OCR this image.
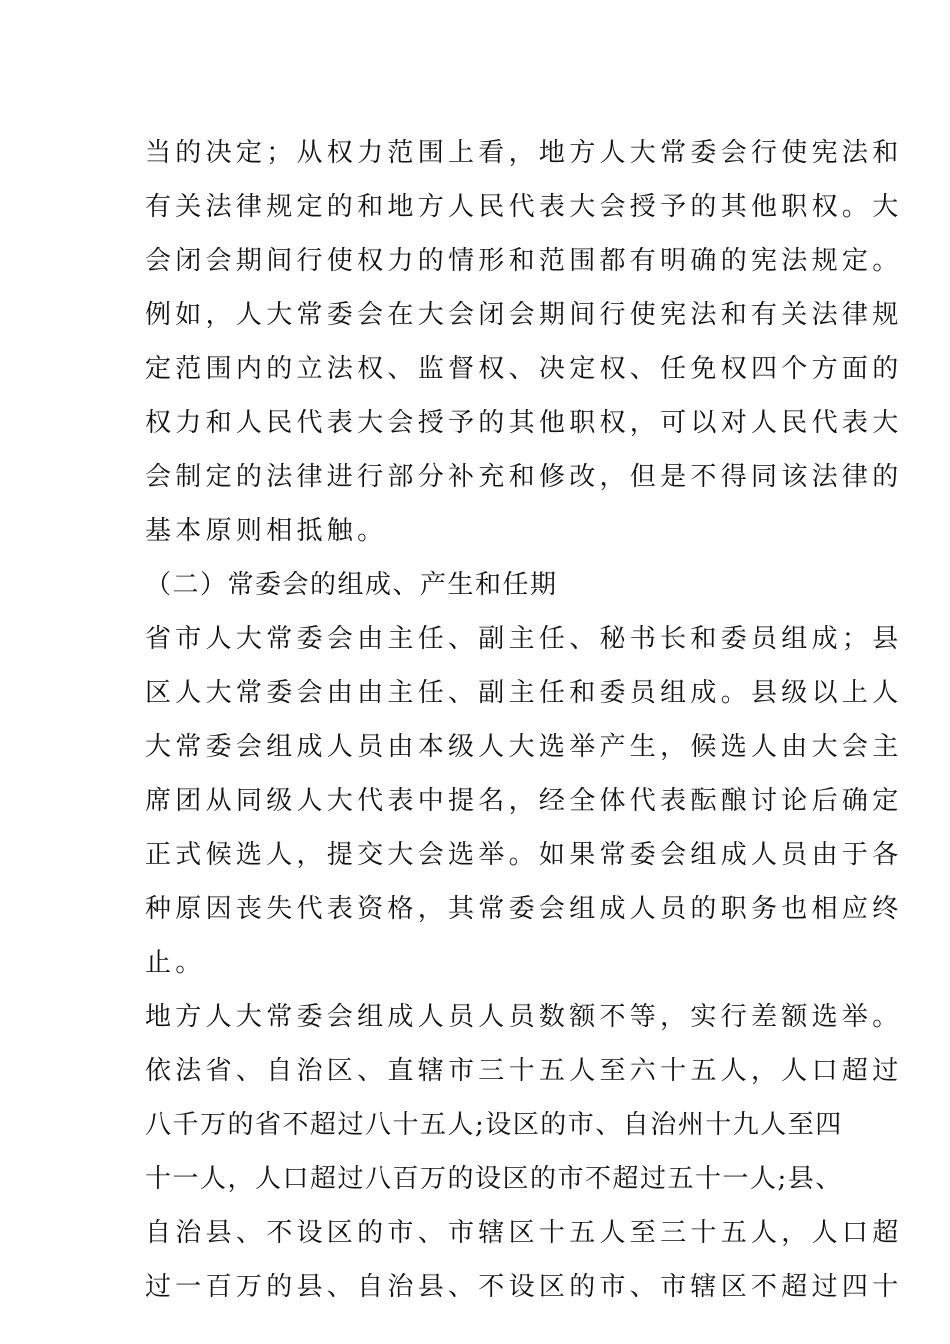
当的决定；从权力范围上看，地方人大常委会行使宪法和
有关法律规定的和地方人民代表大会授予的其他职权。大
会闭会期间行使权力的情形和范围都有明确的宪法规定。
例如，人大常委会在大会闭会期间行使宪法和有关法律规
定范围内的立法权、监督权、决定权、任免权四个方面的
权力和人民代表大会授予的其他职权，可以对人民代表大
会制定的法律进行部分补充和修改，但是不得同该法律的
基本原则相抵触。
（二）常委会的组成、产生和任期
省市人大常委会由主任、副主任、秘书长和委员组成；县
区人大常委会由由主任、副主任和委员组成。县级以上人
大常委会组成人员由本级人大选举产生，候选人由大会主
席团从同级人大代表中提名，经全体代表酝酿讨论后确定
正式候选人，提交大会选举。如果常委会组成人员由于各
种原因丧失代表资格，其常委会组成人员的职务也相应终
止。
地方人大常委会组成人员人员数额不等，实行差额选举。
依法省、自治区、直辖市三十五人至六十五人，人口超过
八千万的省不超过八十五人;设区的市、自治州十九人至四
十一人，人口超过八百万的设区的市不超过五十一人;县、
自治县、不设区的市、市辖区十五人至三十五人，人口超
过一百万的县、自治县、不设区的市、市辖区不超过四十
